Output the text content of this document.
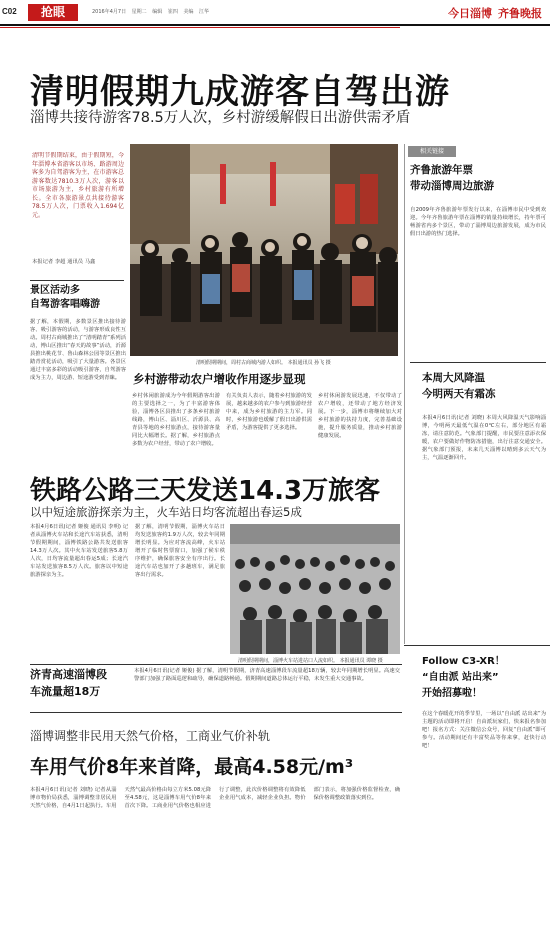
C02	抢眼	2016年4月7日 星期二 编辑 崔四 美编 江华	今日淄博 齐鲁晚报
清明假期九成游客自驾出游
淄博共接待游客78.5万人次，乡村游缓解假日出游供需矛盾
清明节假期结束，由于假期短，今年淄博本省游客以市场、路游周边客多为自驾游客为主，在市游客总游客数达7810.3万人次，游客以市场旅游为主，乡村旅游有所增长。全市各旅游景点共接待游客78.5万人次，门票收入1.694亿元。
本报记者 李超 通讯员 马鑫
景区活动多
自驾游客唱嗨游
据了解，本假期，多数景区推出接待游客、吸引游客的活动，与游客形成良性互动。周村古商城推出了“清明踏青”系列活动，博山区推出“春天的故事”活动，沂源县推出桃花节、鲁山森林公园等景区推出踏青赏花活动，吸引了大量游客。各景区通过丰富多彩的活动吸引游客，自驾游客成为主力，周边游、短途游受到青睐。
清明假期期间，周村古商城内游人如织。 本报通讯员 孙飞 摄
乡村游带动农户增收作用逐步显现
乡村休闲旅游成为今年假期游客出游的主要选择之一，为了丰富游客体验，淄博各区县推出了多条乡村旅游线路，博山区、淄川区、沂源县、高青县等地的乡村旅游点，接待游客量同比大幅增长。据了解，乡村旅游点多数为农户经营，带动了农户增收。
有关负责人表示，随着乡村旅游的发展，越来越多的农户参与到旅游经营中来，成为乡村旅游的主力军。同时，乡村旅游也缓解了假日出游供需矛盾，为游客提供了更多选择。
乡村休闲游发展迅速，不仅带动了农户增收，还带动了地方经济发展。下一步，淄博市将继续加大对乡村旅游的扶持力度，完善基础设施，提升服务质量，推动乡村旅游健康发展。
铁路公路三天发送14.3万旅客
以中短途旅游探亲为主，火车站日均客流超出春运5成
本报4月6日讯(记者 姬俊 通讯员 李明) 记者从淄博火车站和长途汽车站获悉，清明节假期期间，淄博铁路公路共发送旅客14.3万人次。其中火车站发送旅客5.8万人次，日均客流量超出春运5成；长途汽车站发送旅客8.5万人次。旅客以中短途旅游探亲为主。
据了解，清明节假期，淄博火车站日均发送旅客约1.9万人次，较去年同期增长明显。为应对客流高峰，火车站增开了临时售票窗口，加强了候车秩序维护，确保旅客安全有序出行。长途汽车站也加开了多趟班车，满足旅客出行需求。
清明假期期间，淄博火车站进站口人流如织。 本报通讯员 谭晓 摄
济青高速淄博段
车流量超18万
本报4月6日讯(记者 姬俊) 据了解，清明节假期，济青高速淄博段车流量超18万辆，较去年同期增长明显。高速交警部门加强了路面巡逻和疏导，确保道路畅通。假期期间道路总体运行平稳，未发生重大交通事故。
淄博调整非民用天然气价格，工商业气价补轨
车用气价8年来首降，最高4.58元/m³
本报4月6日讯(记者 刘晓) 记者从淄博市物价局获悉，淄博调整非居民用天然气价格，自4月1日起执行。车用天然气最高价格由每立方米5.08元降至4.58元，这是淄博车用气价8年来首次下降。工商业用气价格也相应进行了调整，此次价格调整将有效降低企业用气成本，减轻企业负担。物价部门表示，将加强价格监督检查，确保价格调整政策落实到位。
相关链接
齐鲁旅游年票
带动淄博周边旅游
自2009年齐鲁旅游年票发行以来，在淄博市民中受到欢迎。今年齐鲁旅游年票在淄博的销量持续增长，持年票可畅游省内多个景区，带动了淄博周边旅游发展，成为市民假日出游的热门选择。
本周大风降温
今明两天有霜冻
本报4月6日讯(记者 刘晓) 本周大风降温天气影响淄博，今明两天最低气温在0℃左右，部分地区有霜冻，请注意防范。气象部门提醒，市民要注意添衣保暖，农户要做好作物防冻措施，出行注意交通安全。据气象部门预报，未来几天淄博以晴到多云天气为主，气温逐渐回升。
Follow C3-XR！
“自由派 站出来”
开始招募啦！
在这个春暖花开的季节里，一场以“自由派 站出来”为主题的活动即将开启！自由派玩家们，快来报名参加吧！报名方式：关注微信公众号，回复“自由派”即可参与。活动期间还有丰富奖品等你来拿，赶快行动吧！
